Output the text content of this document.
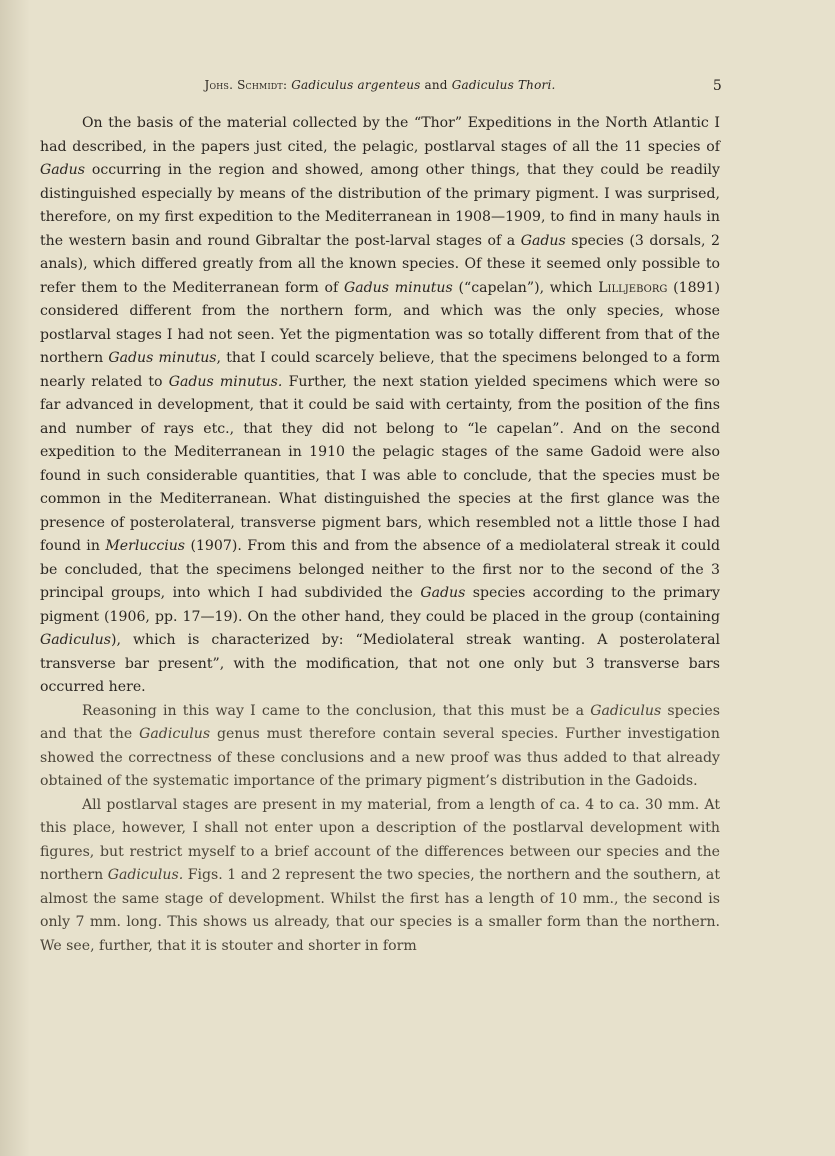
Johs. Schmidt: Gadiculus argenteus and Gadiculus Thori.	5

On the basis of the material collected by the “Thor” Expeditions in the North Atlantic I had described, in the papers just cited, the pelagic, postlarval stages of all the 11 species of Gadus occurring in the region and showed, among other things, that they could be readily distinguished especially by means of the distribution of the primary pigment. I was surprised, therefore, on my first expedition to the Mediterranean in 1908—1909, to find in many hauls in the western basin and round Gibraltar the post-larval stages of a Gadus species (3 dorsals, 2 anals), which differed greatly from all the known species. Of these it seemed only possible to refer them to the Mediterranean form of Gadus minutus (“capelan”), which Lilljeborg (1891) considered different from the northern form, and which was the only species, whose postlarval stages I had not seen. Yet the pigmentation was so totally different from that of the northern Gadus minutus, that I could scarcely believe, that the specimens belonged to a form nearly related to Gadus minutus. Further, the next station yielded specimens which were so far advanced in development, that it could be said with certainty, from the position of the fins and number of rays etc., that they did not belong to “le capelan”. And on the second expedition to the Mediterranean in 1910 the pelagic stages of the same Gadoid were also found in such considerable quantities, that I was able to conclude, that the species must be common in the Mediterranean. What distinguished the species at the first glance was the presence of posterolateral, transverse pigment bars, which resembled not a little those I had found in Merluccius (1907). From this and from the absence of a mediolateral streak it could be concluded, that the specimens belonged neither to the first nor to the second of the 3 principal groups, into which I had subdivided the Gadus species according to the primary pigment (1906, pp. 17—19). On the other hand, they could be placed in the group (containing Gadiculus), which is characterized by: “Mediolateral streak wanting. A posterolateral transverse bar present”, with the modification, that not one only but 3 transverse bars occurred here.

Reasoning in this way I came to the conclusion, that this must be a Gadiculus species and that the Gadiculus genus must therefore contain several species. Further investigation showed the correctness of these conclusions and a new proof was thus added to that already obtained of the systematic importance of the primary pigment’s distribution in the Gadoids.

All postlarval stages are present in my material, from a length of ca. 4 to ca. 30 mm. At this place, however, I shall not enter upon a description of the postlarval development with figures, but restrict myself to a brief account of the differences between our species and the northern Gadiculus. Figs. 1 and 2 represent the two species, the northern and the southern, at almost the same stage of development. Whilst the first has a length of 10 mm., the second is only 7 mm. long. This shows us already, that our species is a smaller form than the northern. We see, further, that it is stouter and shorter in form
